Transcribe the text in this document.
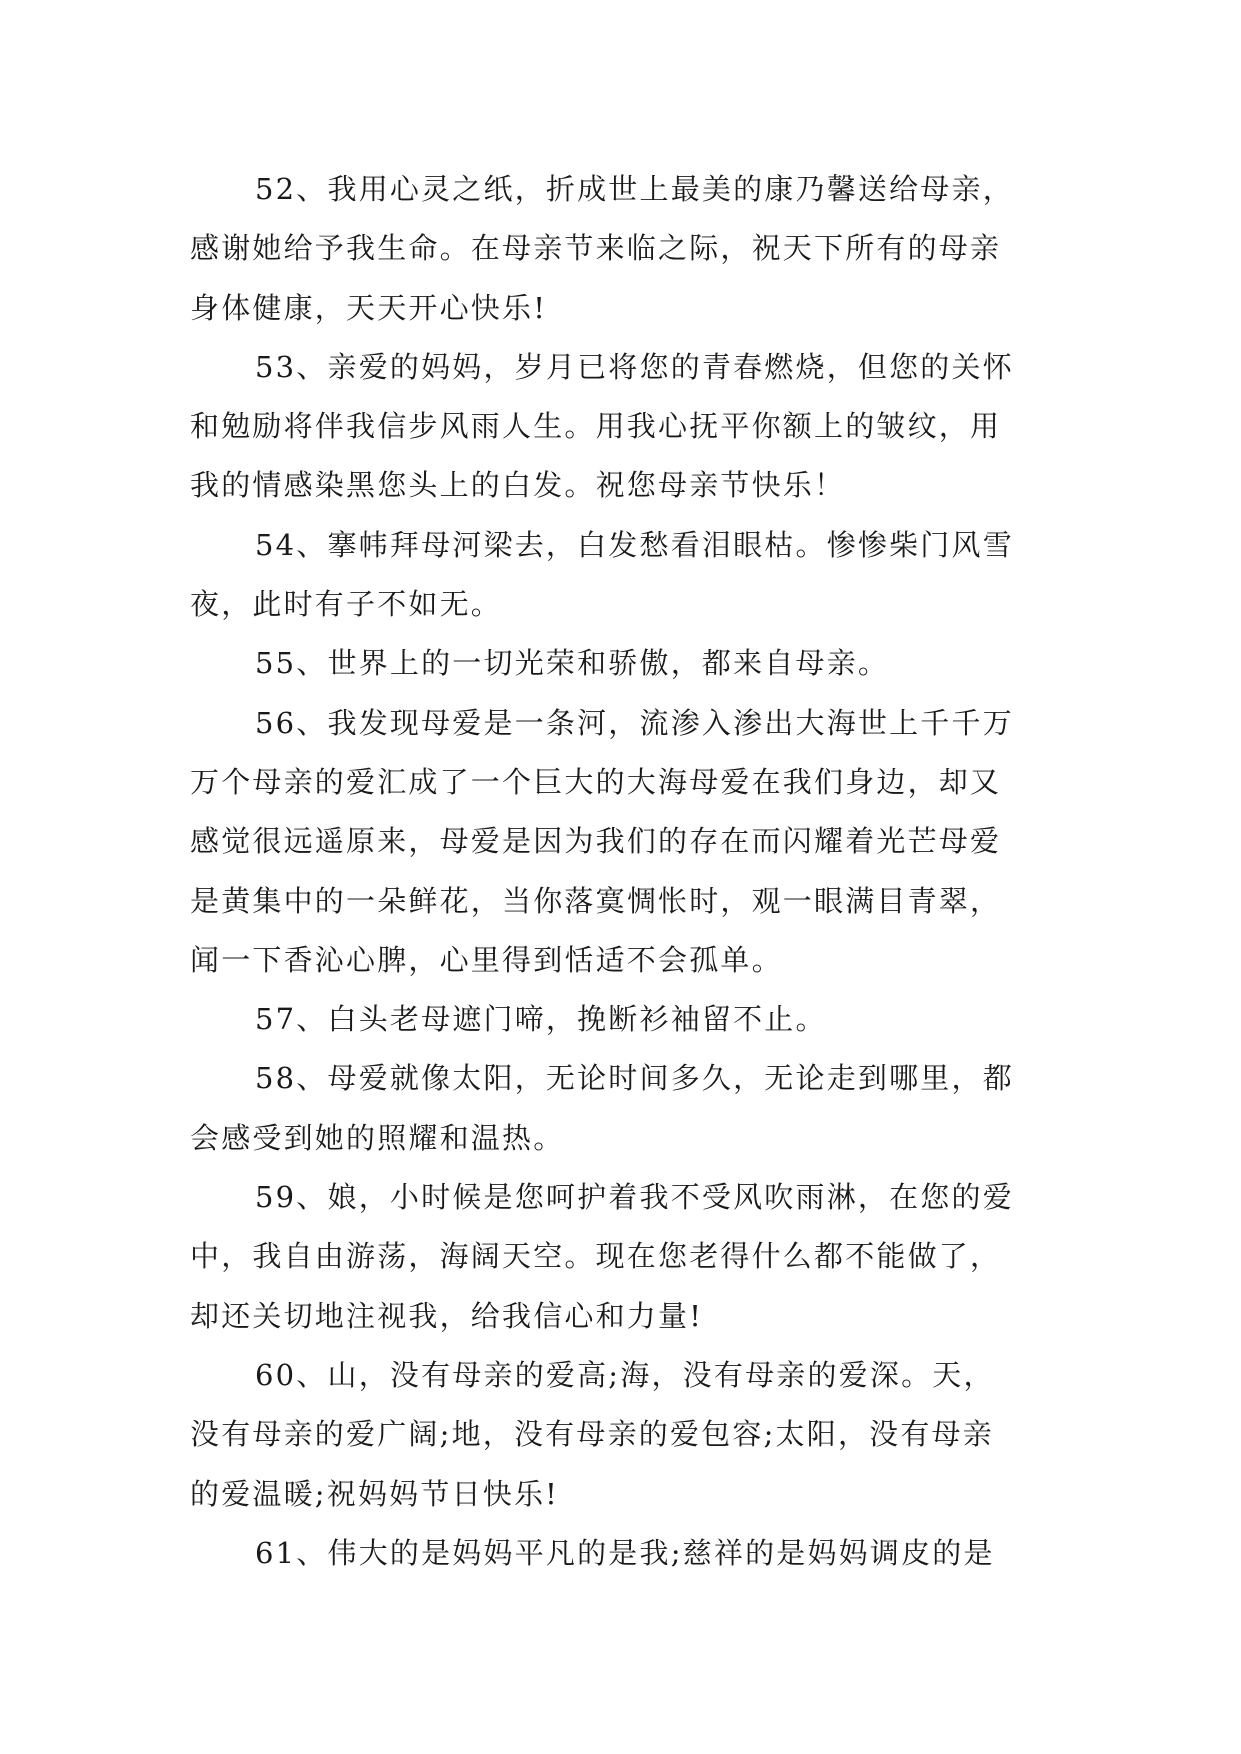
52、我用心灵之纸，折成世上最美的康乃馨送给母亲，
感谢她给予我生命。在母亲节来临之际，祝天下所有的母亲
身体健康，天天开心快乐!
53、亲爱的妈妈，岁月已将您的青春燃烧，但您的关怀
和勉励将伴我信步风雨人生。用我心抚平你额上的皱纹，用
我的情感染黑您头上的白发。祝您母亲节快乐！
54、搴帏拜母河梁去，白发愁看泪眼枯。惨惨柴门风雪
夜，此时有子不如无。
55、世界上的一切光荣和骄傲，都来自母亲。
56、我发现母爱是一条河，流渗入渗出大海世上千千万
万个母亲的爱汇成了一个巨大的大海母爱在我们身边，却又
感觉很远遥原来，母爱是因为我们的存在而闪耀着光芒母爱
是黄集中的一朵鲜花，当你落寞惆怅时，观一眼满目青翠，
闻一下香沁心脾，心里得到恬适不会孤单。
57、白头老母遮门啼，挽断衫袖留不止。
58、母爱就像太阳，无论时间多久，无论走到哪里，都
会感受到她的照耀和温热。
59、娘，小时候是您呵护着我不受风吹雨淋，在您的爱
中，我自由游荡，海阔天空。现在您老得什么都不能做了，
却还关切地注视我，给我信心和力量!
60、山，没有母亲的爱高;海，没有母亲的爱深。天，
没有母亲的爱广阔;地，没有母亲的爱包容;太阳，没有母亲
的爱温暖;祝妈妈节日快乐!
61、伟大的是妈妈平凡的是我;慈祥的是妈妈调皮的是
